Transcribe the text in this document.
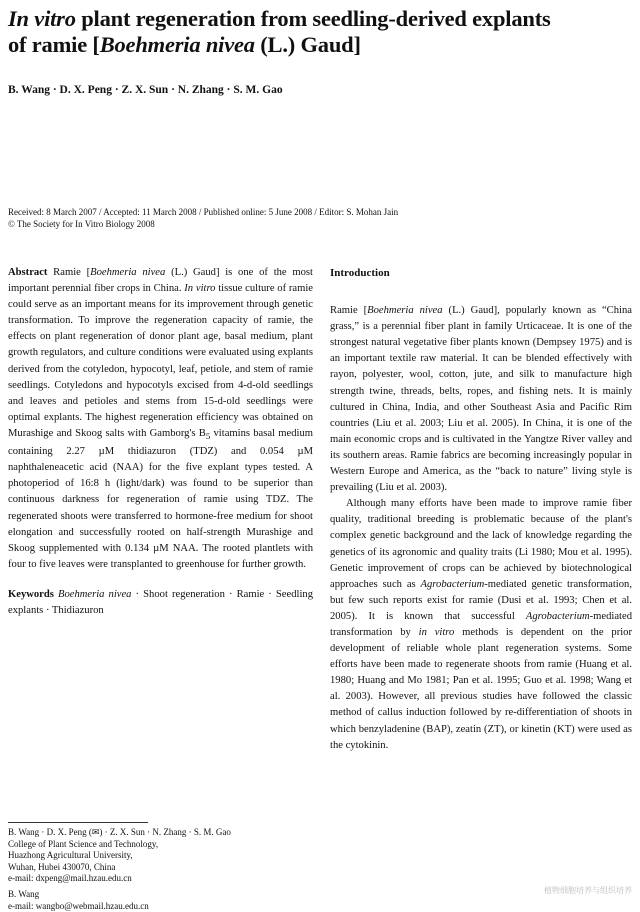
In vitro plant regeneration from seedling-derived explants
of ramie [Boehmeria nivea (L.) Gaud]
B. Wang · D. X. Peng · Z. X. Sun · N. Zhang · S. M. Gao
Received: 8 March 2007 / Accepted: 11 March 2008 / Published online: 5 June 2008 / Editor: S. Mohan Jain
© The Society for In Vitro Biology 2008

Abstract Ramie [Boehmeria nivea (L.) Gaud] is one of the most important perennial fiber crops in China. In vitro tissue culture of ramie could serve as an important means for its improvement through genetic transformation. To improve the regeneration capacity of ramie, the effects on plant regeneration of donor plant age, basal medium, plant growth regulators, and culture conditions were evaluated using explants derived from the cotyledon, hypocotyl, leaf, petiole, and stem of ramie seedlings. Cotyledons and hypocotyls excised from 4-d-old seedlings and leaves and petioles and stems from 15-d-old seedlings were optimal explants. The highest regeneration efficiency was obtained on Murashige and Skoog salts with Gamborg's $B_5$ vitamins basal medium containing 2.27 µM thidiazuron (TDZ) and 0.054 µM naphthaleneacetic acid (NAA) for the five explant types tested. A photoperiod of 16:8 h (light/dark) was found to be superior than continuous darkness for regeneration of ramie using TDZ. The regenerated shoots were transferred to hormone-free medium for shoot elongation and successfully rooted on half-strength Murashige and Skoog supplemented with 0.134 µM NAA. The rooted plantlets with four to five leaves were transplanted to greenhouse for further growth.

Keywords Boehmeria nivea · Shoot regeneration · Ramie · Seedling explants · Thidiazuron

B. Wang · D. X. Peng (✉) · Z. X. Sun · N. Zhang · S. M. Gao
College of Plant Science and Technology,
Huazhong Agricultural University,
Wuhan, Hubei 430070, China
e-mail: dxpeng@mail.hzau.edu.cn
B. Wang
e-mail: wangbo@webmail.hzau.edu.cn

Introduction

Ramie [Boehmeria nivea (L.) Gaud], popularly known as “China grass,” is a perennial fiber plant in family Urticaceae. It is one of the strongest natural vegetative fiber plants known (Dempsey 1975) and is an important textile raw material. It can be blended effectively with rayon, polyester, wool, cotton, jute, and silk to manufacture high strength twine, threads, belts, ropes, and fishing nets. It is mainly cultured in China, India, and other Southeast Asia and Pacific Rim countries (Liu et al. 2003; Liu et al. 2005). In China, it is one of the main economic crops and is cultivated in the Yangtze River valley and its southern areas. Ramie fabrics are becoming increasingly popular in Western Europe and America, as the “back to nature” living style is prevailing (Liu et al. 2003).

Although many efforts have been made to improve ramie fiber quality, traditional breeding is problematic because of the plant's complex genetic background and the lack of knowledge regarding the genetics of its agronomic and quality traits (Li 1980; Mou et al. 1995). Genetic improvement of crops can be achieved by biotechnological approaches such as Agrobacterium-mediated genetic transformation, but few such reports exist for ramie (Dusi et al. 1993; Chen et al. 2005). It is known that successful Agrobacterium-mediated transformation by in vitro methods is dependent on the prior development of reliable whole plant regeneration systems. Some efforts have been made to regenerate shoots from ramie (Huang et al. 1980; Huang and Mo 1981; Pan et al. 1995; Guo et al. 1998; Wang et al. 2003). However, all previous studies have followed the classic method of callus induction followed by re-differentiation of shoots in which benzyladenine (BAP), zeatin (ZT), or kinetin (KT) were used as the cytokinin.

植物细胞培养与组织培养
